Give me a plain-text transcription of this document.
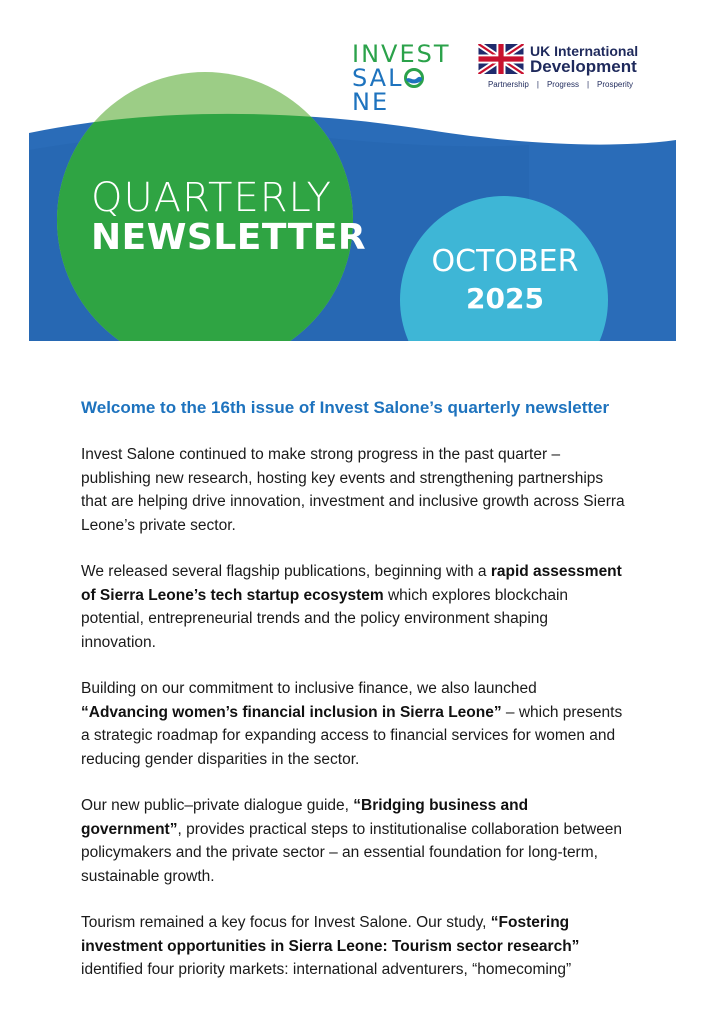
INVEST
SALNE
UK International
Development
Partnership | Progress | Prosperity
QUARTERLY
NEWSLETTER
OCTOBER
2025
Welcome to the 16th issue of Invest Salone’s quarterly newsletter

Invest Salone continued to make strong progress in the past quarter – publishing new research, hosting key events and strengthening partnerships that are helping drive innovation, investment and inclusive growth across Sierra Leone’s private sector.

We released several flagship publications, beginning with a rapid assessment of Sierra Leone’s tech startup ecosystem which explores blockchain potential, entrepreneurial trends and the policy environment shaping innovation.

Building on our commitment to inclusive finance, we also launched “Advancing women’s financial inclusion in Sierra Leone” – which presents a strategic roadmap for expanding access to financial services for women and reducing gender disparities in the sector.

Our new public–private dialogue guide, “Bridging business and government”, provides practical steps to institutionalise collaboration between policymakers and the private sector – an essential foundation for long-term, sustainable growth.

Tourism remained a key focus for Invest Salone. Our study, “Fostering investment opportunities in Sierra Leone: Tourism sector research” identified four priority markets: international adventurers, “homecoming”
